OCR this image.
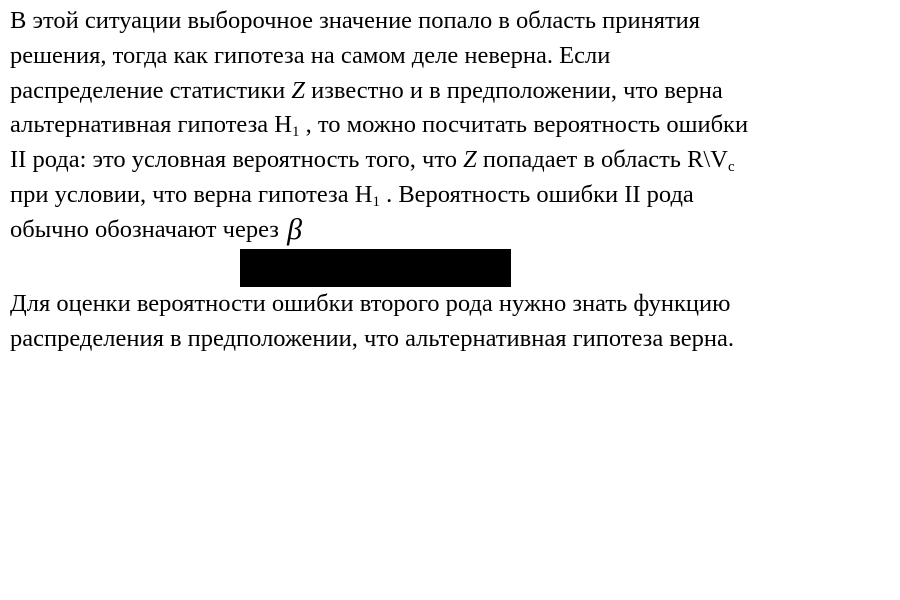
В этой ситуации выборочное значение попало в область принятия
решения, тогда как гипотеза на самом деле неверна. Если
распределение статистики Z известно и в предположении, что верна
альтернативная гипотеза $H_1$ , то можно посчитать вероятность ошибки
II рода: это условная вероятность того, что Z попадает в область $R\backslash V_c$
при условии, что верна гипотеза $H_1$ . Вероятность ошибки II рода
обычно обозначают через β
Для оценки вероятности ошибки второго рода нужно знать функцию
распределения в предположении, что альтернативная гипотеза верна.
